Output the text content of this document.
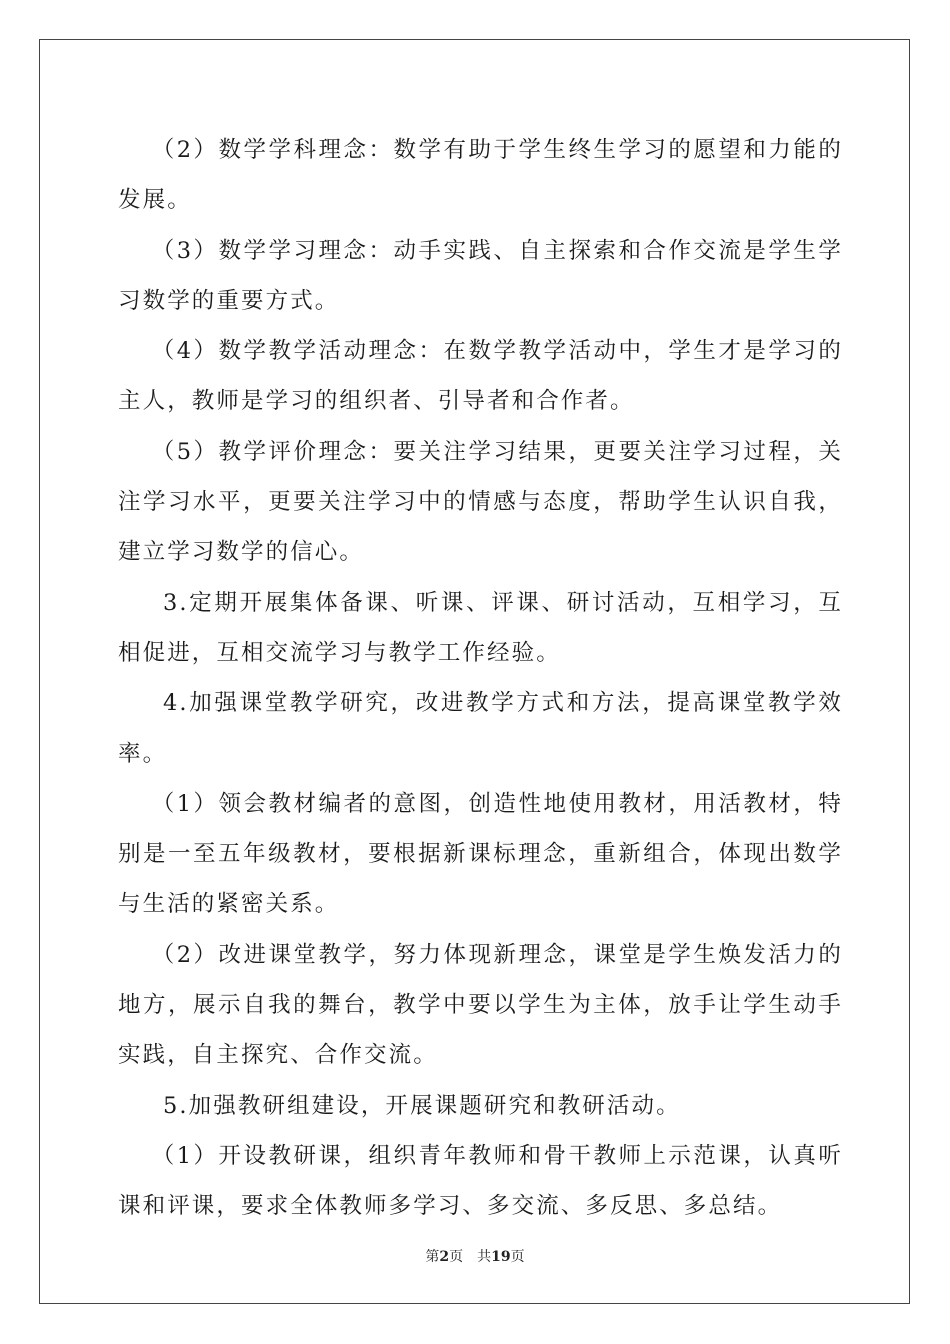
（2）数学学科理念：数学有助于学生终生学习的愿望和力能的发展。

（3）数学学习理念：动手实践、自主探索和合作交流是学生学习数学的重要方式。

（4）数学教学活动理念：在数学教学活动中，学生才是学习的主人，教师是学习的组织者、引导者和合作者。

（5）教学评价理念：要关注学习结果，更要关注学习过程，关注学习水平，更要关注学习中的情感与态度，帮助学生认识自我，建立学习数学的信心。

3.定期开展集体备课、听课、评课、研讨活动，互相学习，互相促进，互相交流学习与教学工作经验。

4.加强课堂教学研究，改进教学方式和方法，提高课堂教学效率。

（1）领会教材编者的意图，创造性地使用教材，用活教材，特别是一至五年级教材，要根据新课标理念，重新组合，体现出数学与生活的紧密关系。

（2）改进课堂教学，努力体现新理念，课堂是学生焕发活力的地方，展示自我的舞台，教学中要以学生为主体，放手让学生动手实践，自主探究、合作交流。

5.加强教研组建设，开展课题研究和教研活动。

（1）开设教研课，组织青年教师和骨干教师上示范课，认真听课和评课，要求全体教师多学习、多交流、多反思、多总结。

第2页 共19页
